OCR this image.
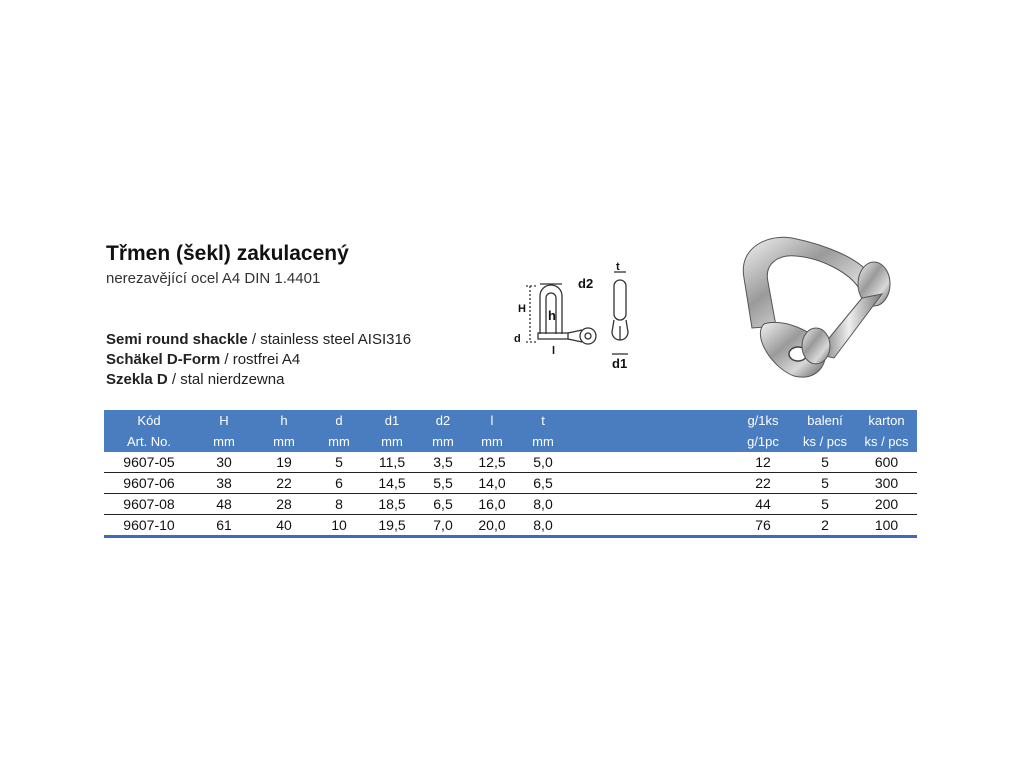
Třmen (šekl) zakulacený
nerezavějící ocel A4 DIN 1.4401
Semi round shackle / stainless steel AISI316
Schäkel D-Form / rostfrei A4
Szekla D / stal nierdzewna
H h
d
l
d2
t
d1
Kód	H	h	d	d1	d2	l	t		g/1ks	balení	karton
Art. No.	mm	mm	mm	mm	mm	mm	mm		g/1pc	ks / pcs	ks / pcs
9607-05	30	19	5	11,5	3,5	12,5	5,0		12	5	600
9607-06	38	22	6	14,5	5,5	14,0	6,5		22	5	300
9607-08	48	28	8	18,5	6,5	16,0	8,0		44	5	200
9607-10	61	40	10	19,5	7,0	20,0	8,0		76	2	100
